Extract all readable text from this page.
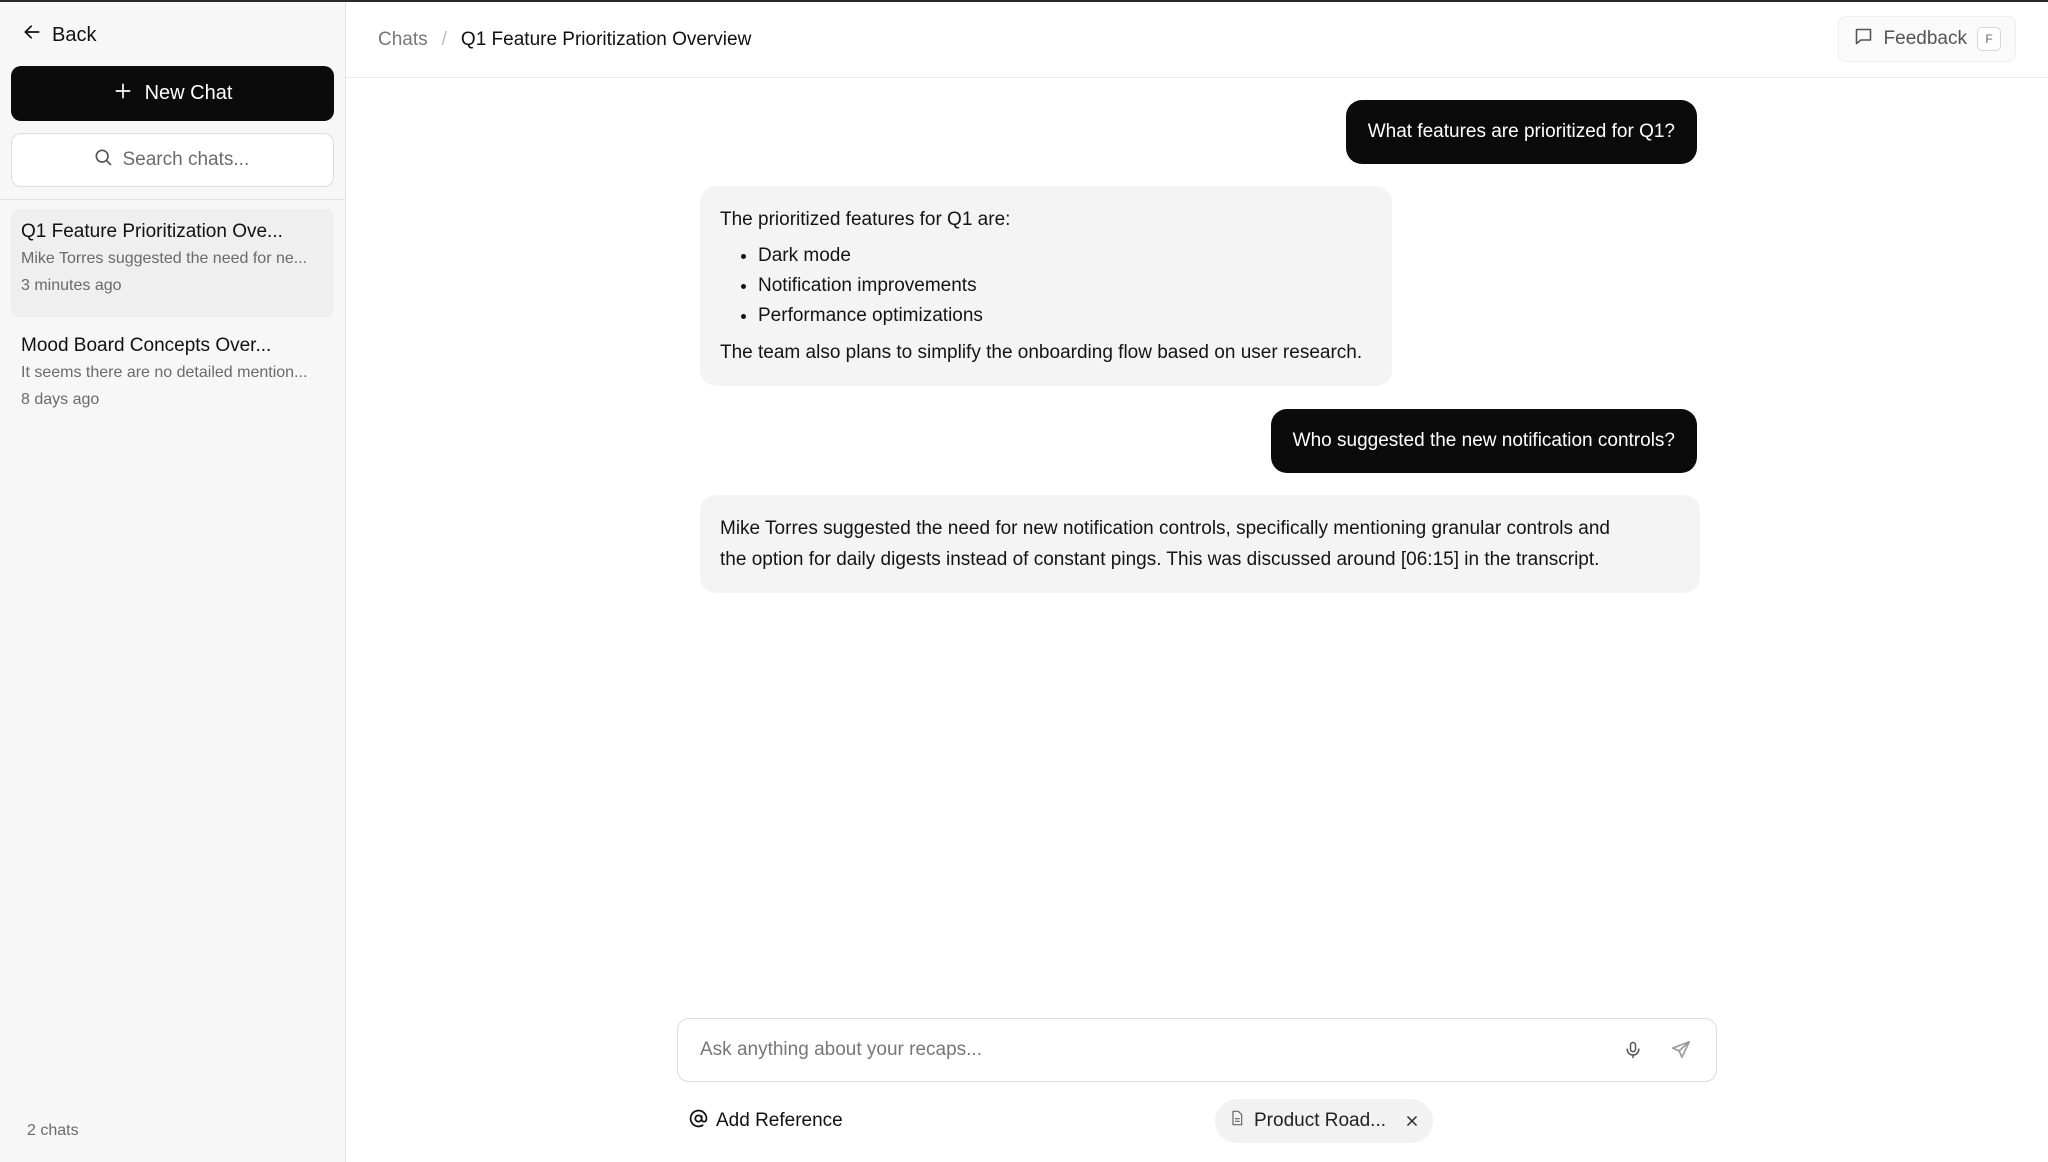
Back
New Chat
Search chats...
Q1 Feature Prioritization Ove...
Mike Torres suggested the need for ne...
3 minutes ago
Mood Board Concepts Over...
It seems there are no detailed mention...
8 days ago
2 chats
Chats / Q1 Feature Prioritization Overview	Feedback	F
What features are prioritized for Q1?
The prioritized features for Q1 are:
• Dark mode
• Notification improvements
• Performance optimizations
The team also plans to simplify the onboarding flow based on user research.
Who suggested the new notification controls?
Mike Torres suggested the need for new notification controls, specifically mentioning granular controls and
the option for daily digests instead of constant pings. This was discussed around [06:15] in the transcript.
Ask anything about your recaps...
Add Reference	Product Road...
